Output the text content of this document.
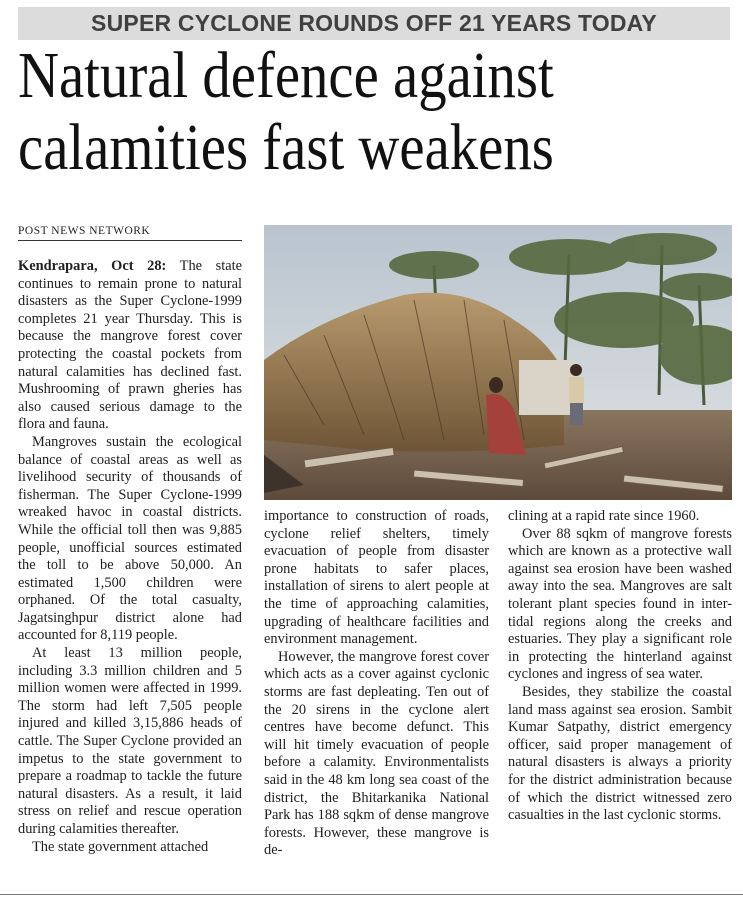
SUPER CYCLONE ROUNDS OFF 21 YEARS TODAY
Natural defence against
calamities fast weakens
POST NEWS NETWORK

Kendrapara, Oct 28: The state continues to remain prone to natural disasters as the Super Cyclone-1999 completes 21 year Thursday. This is because the mangrove forest cover protecting the coastal pockets from natural calamities has declined fast. Mushrooming of prawn gheries has also caused serious damage to the flora and fauna.

Mangroves sustain the ecological balance of coastal areas as well as livelihood security of thousands of fisherman. The Super Cyclone-1999 wreaked havoc in coastal districts. While the official toll then was 9,885 people, unofficial sources estimated the toll to be above 50,000. An estimated 1,500 children were orphaned. Of the total casualty, Jagatsinghpur district alone had accounted for 8,119 people.

At least 13 million people, including 3.3 million children and 5 million women were affected in 1999. The storm had left 7,505 people injured and killed 3,15,886 heads of cattle. The Super Cyclone provided an impetus to the state government to prepare a roadmap to tackle the future natural disasters. As a result, it laid stress on relief and rescue operation during calamities thereafter.

The state government attached

importance to construction of roads, cyclone relief shelters, timely evacuation of people from disaster prone habitats to safer places, installation of sirens to alert people at the time of approaching calamities, upgrading of healthcare facilities and environment management.

However, the mangrove forest cover which acts as a cover against cyclonic storms are fast depleating. Ten out of the 20 sirens in the cyclone alert centres have become defunct. This will hit timely evacuation of people before a calamity. Environmentalists said in the 48 km long sea coast of the district, the Bhitarkanika National Park has 188 sqkm of dense mangrove forests. However, these mangrove is de-

clining at a rapid rate since 1960.

Over 88 sqkm of mangrove forests which are known as a protective wall against sea erosion have been washed away into the sea. Mangroves are salt tolerant plant species found in inter-tidal regions along the creeks and estuaries. They play a significant role in protecting the hinterland against cyclones and ingress of sea water.

Besides, they stabilize the coastal land mass against sea erosion. Sambit Kumar Satpathy, district emergency officer, said proper management of natural disasters is always a priority for the district administration because of which the district witnessed zero casualties in the last cyclonic storms.
